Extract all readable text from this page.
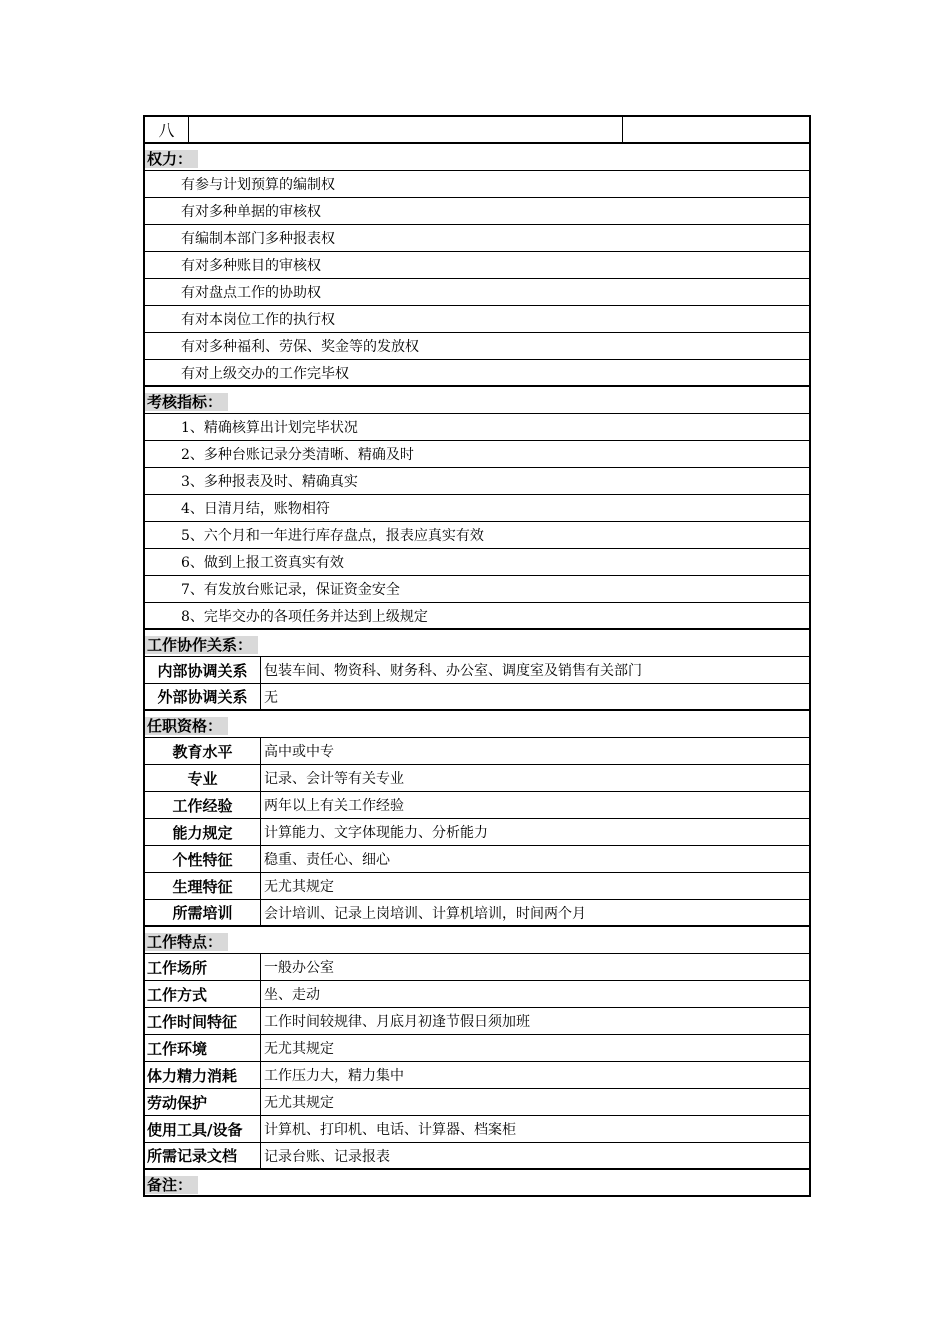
八
权力：
有参与计划预算的编制权
有对多种单据的审核权
有编制本部门多种报表权
有对多种账目的审核权
有对盘点工作的协助权
有对本岗位工作的执行权
有对多种福利、劳保、奖金等的发放权
有对上级交办的工作完毕权
考核指标：
1、精确核算出计划完毕状况
2、多种台账记录分类清晰、精确及时
3、多种报表及时、精确真实
4、日清月结，账物相符
5、六个月和一年进行库存盘点，报表应真实有效
6、做到上报工资真实有效
7、有发放台账记录，保证资金安全
8、完毕交办的各项任务并达到上级规定
工作协作关系：
内部协调关系	包装车间、物资科、财务科、办公室、调度室及销售有关部门
外部协调关系	无
任职资格：
教育水平	高中或中专
专业	记录、会计等有关专业
工作经验	两年以上有关工作经验
能力规定	计算能力、文字体现能力、分析能力
个性特征	稳重、责任心、细心
生理特征	无尤其规定
所需培训	会计培训、记录上岗培训、计算机培训，时间两个月
工作特点：
工作场所	一般办公室
工作方式	坐、走动
工作时间特征	工作时间较规律、月底月初逢节假日须加班
工作环境	无尤其规定
体力精力消耗	工作压力大，精力集中
劳动保护	无尤其规定
使用工具/设备	计算机、打印机、电话、计算器、档案柜
所需记录文档	记录台账、记录报表
备注：
